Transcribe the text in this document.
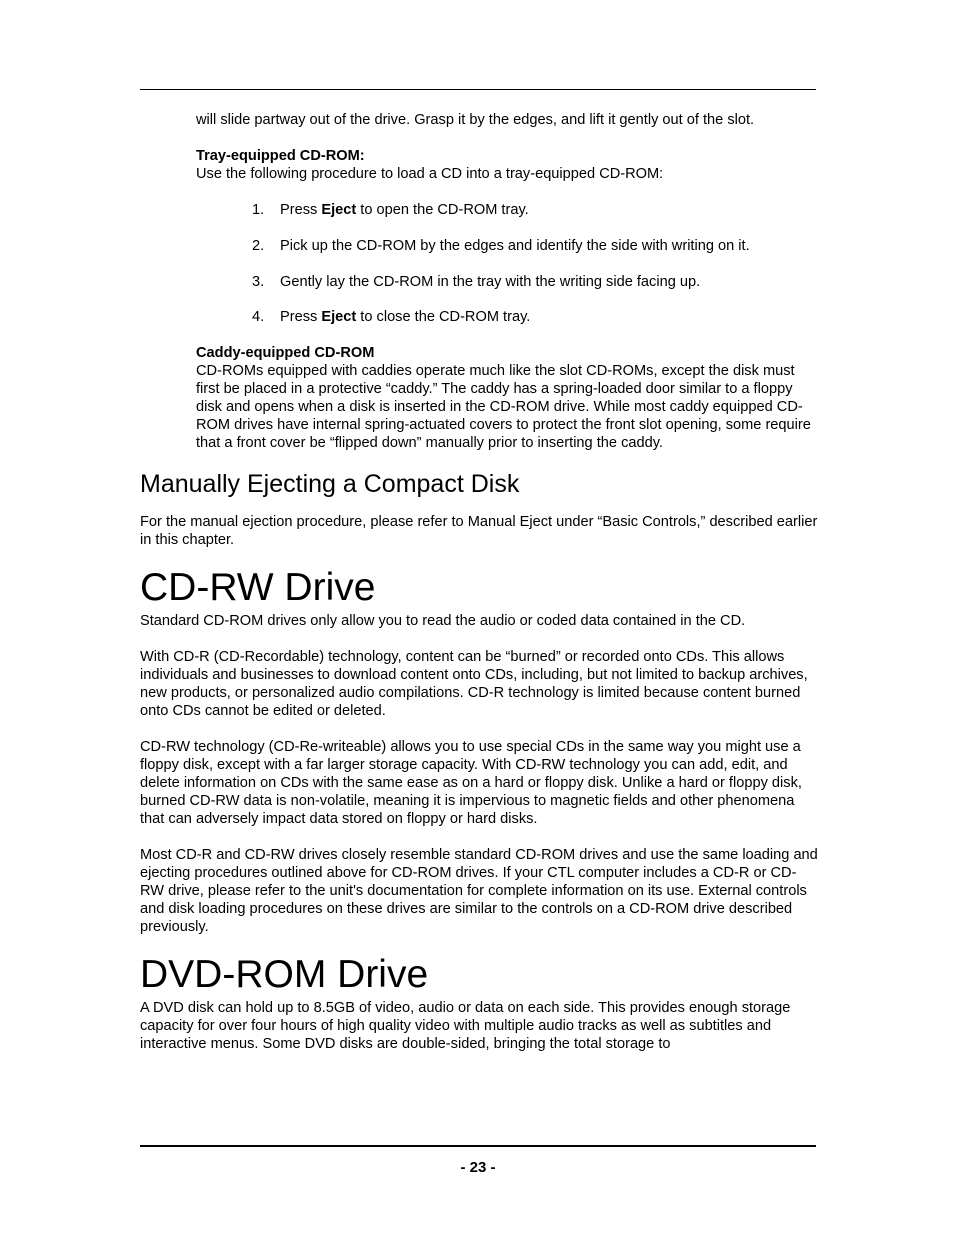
will slide partway out of the drive. Grasp it by the edges, and lift it gently out of the slot.

Tray-equipped CD-ROM:

Use the following procedure to load a CD into a tray-equipped CD-ROM:

1. Press Eject to open the CD-ROM tray.
2. Pick up the CD-ROM by the edges and identify the side with writing on it.
3. Gently lay the CD-ROM in the tray with the writing side facing up.
4. Press Eject to close the CD-ROM tray.

Caddy-equipped CD-ROM

CD-ROMs equipped with caddies operate much like the slot CD-ROMs, except the disk must first be placed in a protective “caddy.” The caddy has a spring-loaded door similar to a floppy disk and opens when a disk is inserted in the CD-ROM drive. While most caddy equipped CD-ROM drives have internal spring-actuated covers to protect the front slot opening, some require that a front cover be “flipped down” manually prior to inserting the caddy.

Manually Ejecting a Compact Disk

For the manual ejection procedure, please refer to Manual Eject under “Basic Controls,” described earlier in this chapter.

CD-RW Drive

Standard CD-ROM drives only allow you to read the audio or coded data contained in the CD.

With CD-R (CD-Recordable) technology, content can be “burned” or recorded onto CDs. This allows individuals and businesses to download content onto CDs, including, but not limited to backup archives, new products, or personalized audio compilations. CD-R technology is limited because content burned onto CDs cannot be edited or deleted.

CD-RW technology (CD-Re-writeable) allows you to use special CDs in the same way you might use a floppy disk, except with a far larger storage capacity. With CD-RW technology you can add, edit, and delete information on CDs with the same ease as on a hard or floppy disk. Unlike a hard or floppy disk, burned CD-RW data is non-volatile, meaning it is impervious to magnetic fields and other phenomena that can adversely impact data stored on floppy or hard disks.

Most CD-R and CD-RW drives closely resemble standard CD-ROM drives and use the same loading and ejecting procedures outlined above for CD-ROM drives. If your CTL computer includes a CD-R or CD-RW drive, please refer to the unit's documentation for complete information on its use. External controls and disk loading procedures on these drives are similar to the controls on a CD-ROM drive described previously.

DVD-ROM Drive

A DVD disk can hold up to 8.5GB of video, audio or data on each side. This provides enough storage capacity for over four hours of high quality video with multiple audio tracks as well as subtitles and interactive menus. Some DVD disks are double-sided, bringing the total storage to

- 23 -
